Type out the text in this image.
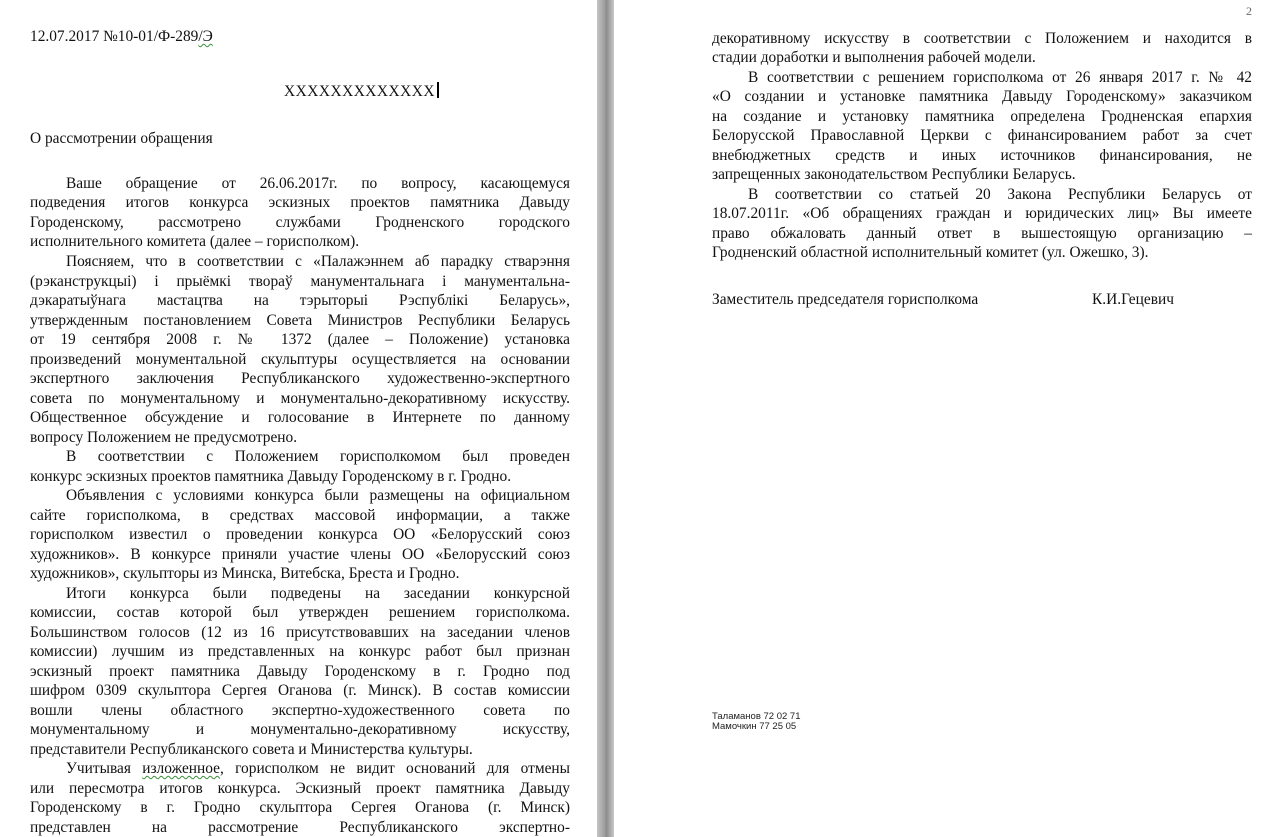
12.07.2017 №10-01/Ф-289/Э
ХХХХХХХХХХХХХ
О рассмотрении обращения
Ваше обращение от 26.06.2017г. по вопросу, касающемуся
подведения итогов конкурса эскизных проектов памятника Давыду
Городенскому, рассмотрено службами Гродненского городского
исполнительного комитета (далее – горисполком).
Поясняем, что в соответствии с «Палажэннем аб парадку стварэння
(рэканструкцыі) і прыёмкі твораў манументальнага і манументальна-
дэкаратыўнага мастацтва на тэрыторыі Рэспублікі Беларусь»,
утвержденным постановлением Совета Министров Республики Беларусь
от 19 сентября 2008 г. № 1372 (далее – Положение) установка
произведений монументальной скульптуры осуществляется на основании
экспертного заключения Республиканского художественно-экспертного
совета по монументальному и монументально-декоративному искусству.
Общественное обсуждение и голосование в Интернете по данному
вопросу Положением не предусмотрено.
В соответствии с Положением горисполкомом был проведен
конкурс эскизных проектов памятника Давыду Городенскому в г. Гродно.
Объявления с условиями конкурса были размещены на официальном
сайте горисполкома, в средствах массовой информации, а также
горисполком известил о проведении конкурса ОО «Белорусский союз
художников». В конкурсе приняли участие члены ОО «Белорусский союз
художников», скульпторы из Минска, Витебска, Бреста и Гродно.
Итоги конкурса были подведены на заседании конкурсной
комиссии, состав которой был утвержден решением горисполкома.
Большинством голосов (12 из 16 присутствовавших на заседании членов
комиссии) лучшим из представленных на конкурс работ был признан
эскизный проект памятника Давыду Городенскому в г. Гродно под
шифром 0309 скульптора Сергея Оганова (г. Минск). В состав комиссии
вошли члены областного экспертно-художественного совета по
монументальному и монументально-декоративному искусству,
представители Республиканского совета и Министерства культуры.
Учитывая изложенное, горисполком не видит оснований для отмены
или пересмотра итогов конкурса. Эскизный проект памятника Давыду
Городенскому в г. Гродно скульптора Сергея Оганова (г. Минск)
представлен на рассмотрение Республиканского экспертно-
2
декоративному искусству в соответствии с Положением и находится в
стадии доработки и выполнения рабочей модели.
В соответствии с решением горисполкома от 26 января 2017 г. № 42
«О создании и установке памятника Давыду Городенскому» заказчиком
на создание и установку памятника определена Гродненская епархия
Белорусской Православной Церкви с финансированием работ за счет
внебюджетных средств и иных источников финансирования, не
запрещенных законодательством Республики Беларусь.
В соответствии со статьей 20 Закона Республики Беларусь от
18.07.2011г. «Об обращениях граждан и юридических лиц» Вы имеете
право обжаловать данный ответ в вышестоящую организацию –
Гродненский областной исполнительный комитет (ул. Ожешко, 3).
Заместитель председателя горисполкома	К.И.Гецевич
Таламанов 72 02 71
Мамочкин 77 25 05
